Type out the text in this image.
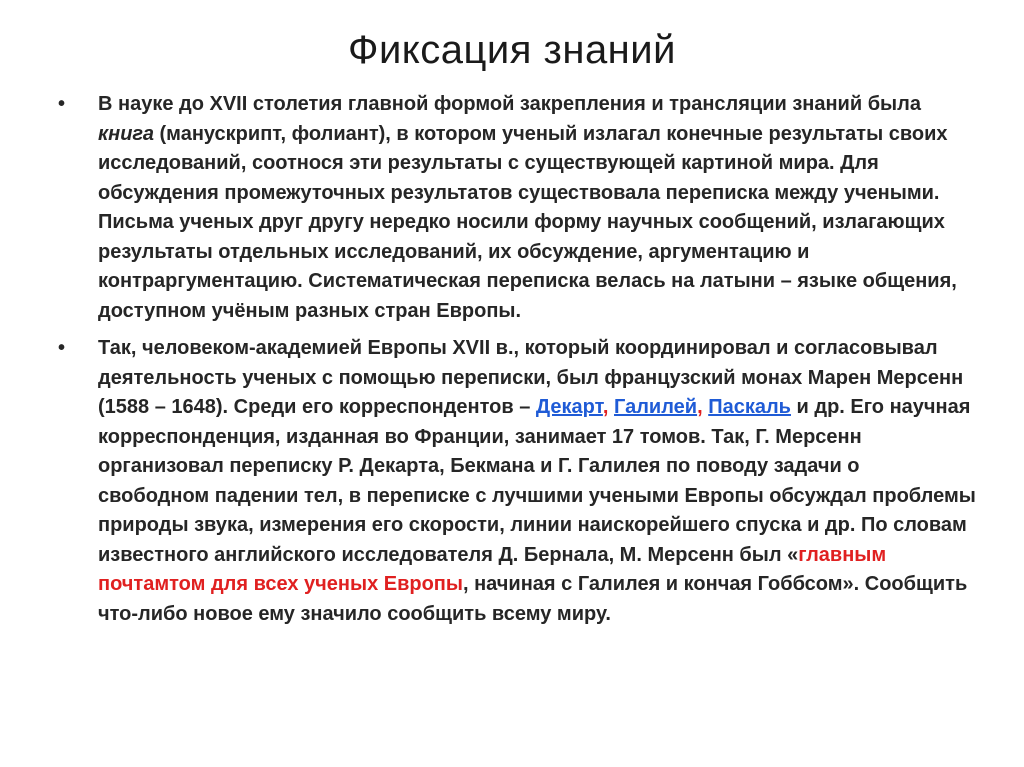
Фиксация знаний
• В науке до XVII столетия главной формой закрепления и трансляции знаний была книга (манускрипт, фолиант), в котором ученый излагал конечные результаты своих исследований, соотнося эти результаты с существующей картиной мира. Для обсуждения промежуточных результатов существовала переписка между учеными. Письма ученых друг другу нередко носили форму научных сообщений, излагающих результаты отдельных исследований, их обсуждение, аргументацию и контраргументацию. Систематическая переписка велась на латыни – языке общения, доступном учёным разных стран Европы.
• Так, человеком-академией Европы XVII в., который координировал и согласовывал деятельность ученых с помощью переписки, был французский монах Марен Мерсенн (1588 – 1648). Среди его корреспондентов – Декарт, Галилей, Паскаль и др. Его научная корреспонденция, изданная во Франции, занимает 17 томов. Так, Г. Мерсенн организовал переписку Р. Декарта, Бекмана и Г. Галилея по поводу задачи о свободном падении тел, в переписке с лучшими учеными Европы обсуждал проблемы природы звука, измерения его скорости, линии наискорейшего спуска и др. По словам известного английского исследователя Д. Бернала, М. Мерсенн был «главным почтамтом для всех ученых Европы, начиная с Галилея и кончая Гоббсом». Сообщить что-либо новое ему значило сообщить всему миру.
